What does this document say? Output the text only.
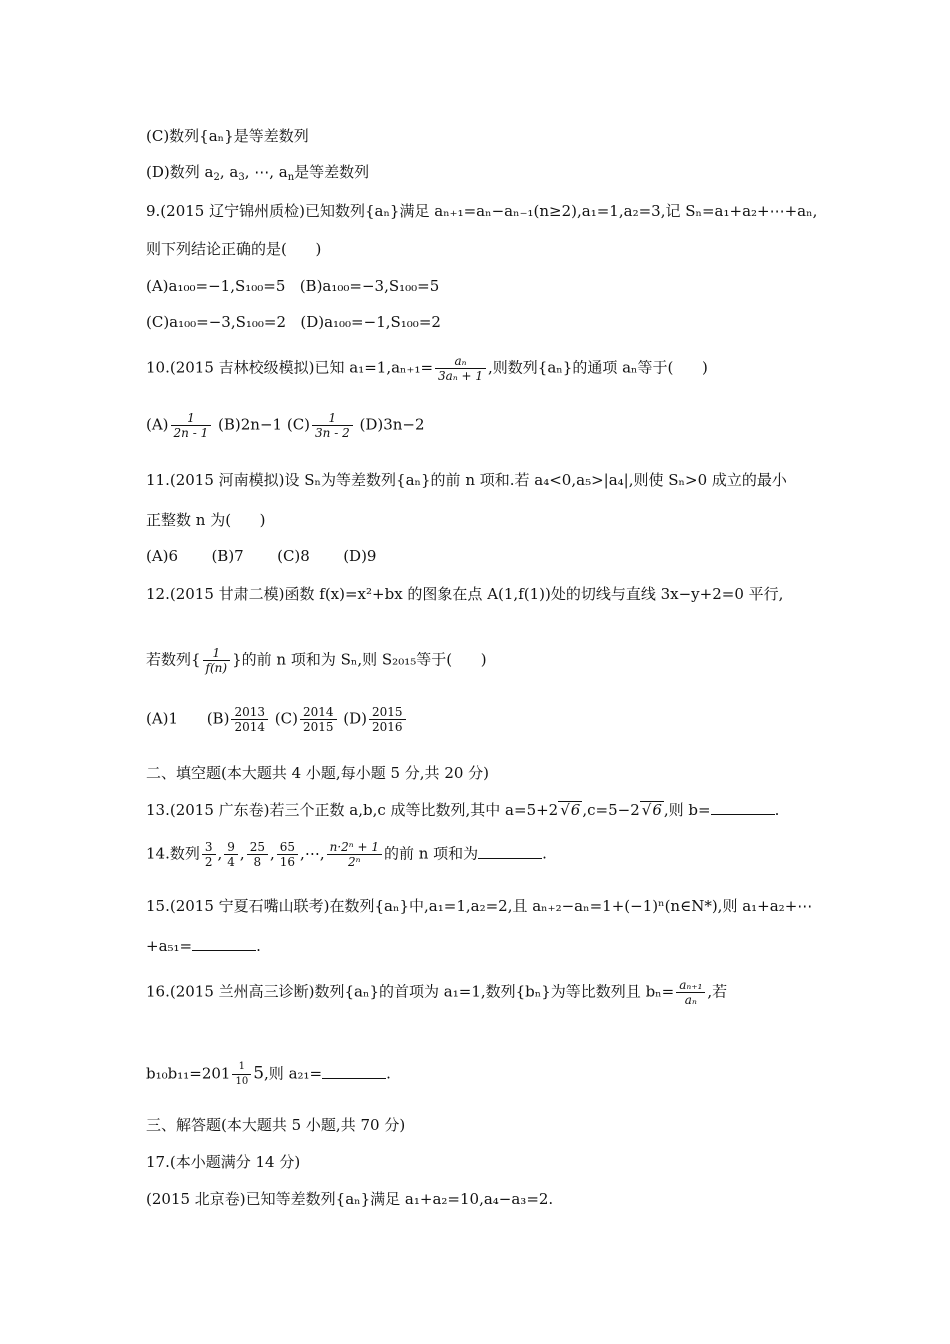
(C)数列{aₙ}是等差数列
(D)数列 $a_2$, $a_3$, ⋯, $a_n$是等差数列
9.(2015 辽宁锦州质检)已知数列{aₙ}满足 aₙ₊₁=aₙ−aₙ₋₁(n≥2),a₁=1,a₂=3,记 Sₙ=a₁+a₂+⋯+aₙ,
则下列结论正确的是(      )
(A)a₁₀₀=−1,S₁₀₀=5   (B)a₁₀₀=−3,S₁₀₀=5
(C)a₁₀₀=−3,S₁₀₀=2   (D)a₁₀₀=−1,S₁₀₀=2
10.(2015 吉林校级模拟)已知 $a_1=1,a_{n+1}= \frac{\text{aₙ}}{\text{3aₙ + 1}}$ ,则数列{aₙ}的通项 aₙ等于(      )
$(A) \frac{1}{2n - 1} (B)2n-1$ $(C) \frac{1}{3n - 2} (D)3n-2$
11.(2015 河南模拟)设 Sₙ为等差数列{aₙ}的前 n 项和.若 a₄<0,a₅>|a₄|,则使 Sₙ>0 成立的最小
正整数 n 为(      )
(A)6       (B)7       (C)8       (D)9
12.(2015 甘肃二模)函数 f(x)=x²+bx 的图象在点 A(1,f(1))处的切线与直线 3x−y+2=0 平行,
若数列{ $\frac{1}{f(n)}$ }的前 n 项和为 Sₙ,则 S₂₀₁₅等于(      )
(A)1 $(B) \frac{2013}{2014} (C) \frac{2014}{2015} (D) \frac{2015}{2016}$
二、填空题(本大题共 4 小题,每小题 5 分,共 20 分)
13.(2015 广东卷)若三个正数 a,b,c 成等比数列,其中 a=5+2 √ 6 ,c=5−2 √ 6 ,则 b=	.
14.数列 $\frac{3}{2}$ , $\frac{9}{4}$ , $\frac{25}{8}$ , $\frac{65}{16}$ ,⋯, $\frac{\text{n·2ⁿ + 1}}{\text{2ⁿ}}$ 的前 n 项和为	.
15.(2015 宁夏石嘴山联考)在数列{aₙ}中,a₁=1,a₂=2,且 aₙ₊₂−aₙ=1+(−1)ⁿ(n∈N*),则 a₁+a₂+⋯
+a₅₁=	.
16.(2015 兰州高三诊断)数列{aₙ}的首项为 a₁=1,数列{bₙ}为等比数列且 $b_n= \frac{\text{aₙ₊₁}}{\text{aₙ}}$ ,若
$b_{10}b_{11}=201 \frac{1}{10} 5$,则 a₂₁=	.
三、解答题(本大题共 5 小题,共 70 分)
17.(本小题满分 14 分)
(2015 北京卷)已知等差数列{aₙ}满足 a₁+a₂=10,a₄−a₃=2.
